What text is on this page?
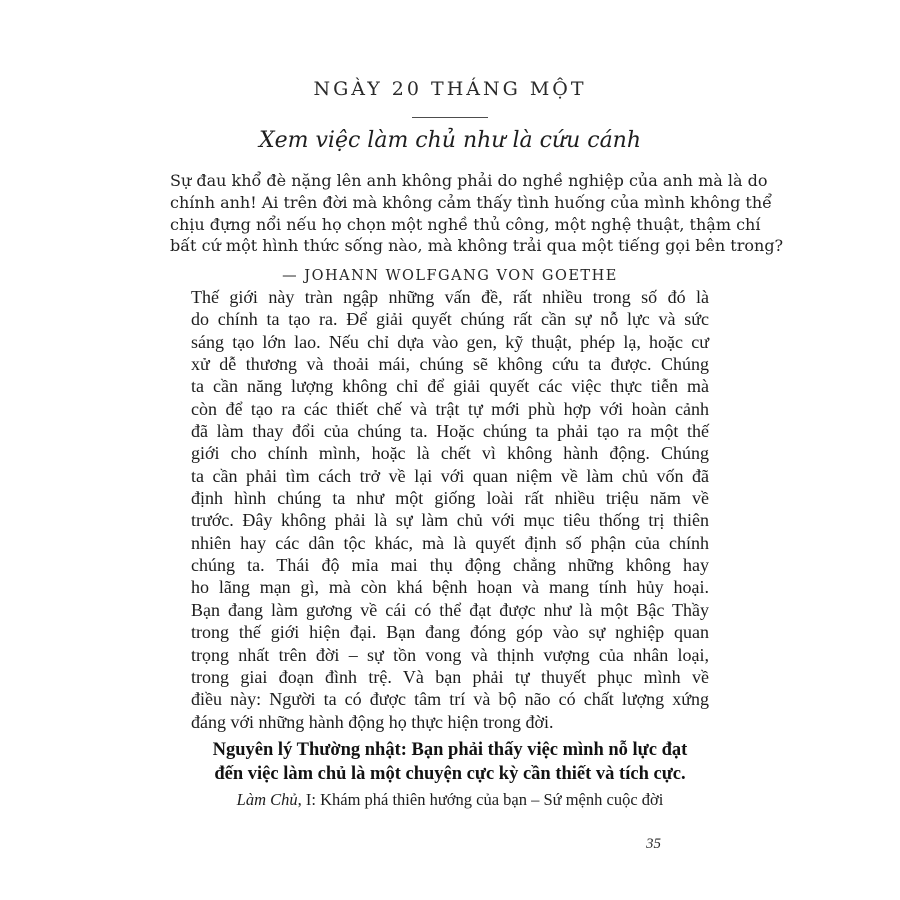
NGÀY 20 THÁNG MỘT
Xem việc làm chủ như là cứu cánh
Sự đau khổ đè nặng lên anh không phải do nghề nghiệp của anh mà là do
chính anh! Ai trên đời mà không cảm thấy tình huống của mình không thể
chịu đựng nổi nếu họ chọn một nghề thủ công, một nghệ thuật, thậm chí
bất cứ một hình thức sống nào, mà không trải qua một tiếng gọi bên trong?
— JOHANN WOLFGANG VON GOETHE
Thế giới này tràn ngập những vấn đề, rất nhiều trong số đó là
do chính ta tạo ra. Để giải quyết chúng rất cần sự nỗ lực và sức
sáng tạo lớn lao. Nếu chỉ dựa vào gen, kỹ thuật, phép lạ, hoặc cư
xử dễ thương và thoải mái, chúng sẽ không cứu ta được. Chúng
ta cần năng lượng không chỉ để giải quyết các việc thực tiễn mà
còn để tạo ra các thiết chế và trật tự mới phù hợp với hoàn cảnh
đã làm thay đổi của chúng ta. Hoặc chúng ta phải tạo ra một thế
giới cho chính mình, hoặc là chết vì không hành động. Chúng
ta cần phải tìm cách trở về lại với quan niệm về làm chủ vốn đã
định hình chúng ta như một giống loài rất nhiều triệu năm về
trước. Đây không phải là sự làm chủ với mục tiêu thống trị thiên
nhiên hay các dân tộc khác, mà là quyết định số phận của chính
chúng ta. Thái độ mỉa mai thụ động chẳng những không hay
ho lãng mạn gì, mà còn khá bệnh hoạn và mang tính hủy hoại.
Bạn đang làm gương về cái có thể đạt được như là một Bậc Thầy
trong thế giới hiện đại. Bạn đang đóng góp vào sự nghiệp quan
trọng nhất trên đời – sự tồn vong và thịnh vượng của nhân loại,
trong giai đoạn đình trệ. Và bạn phải tự thuyết phục mình về
điều này: Người ta có được tâm trí và bộ não có chất lượng xứng
đáng với những hành động họ thực hiện trong đời.
Nguyên lý Thường nhật: Bạn phải thấy việc mình nỗ lực đạt
đến việc làm chủ là một chuyện cực kỳ cần thiết và tích cực.
Làm Chủ, I: Khám phá thiên hướng của bạn – Sứ mệnh cuộc đời
35
